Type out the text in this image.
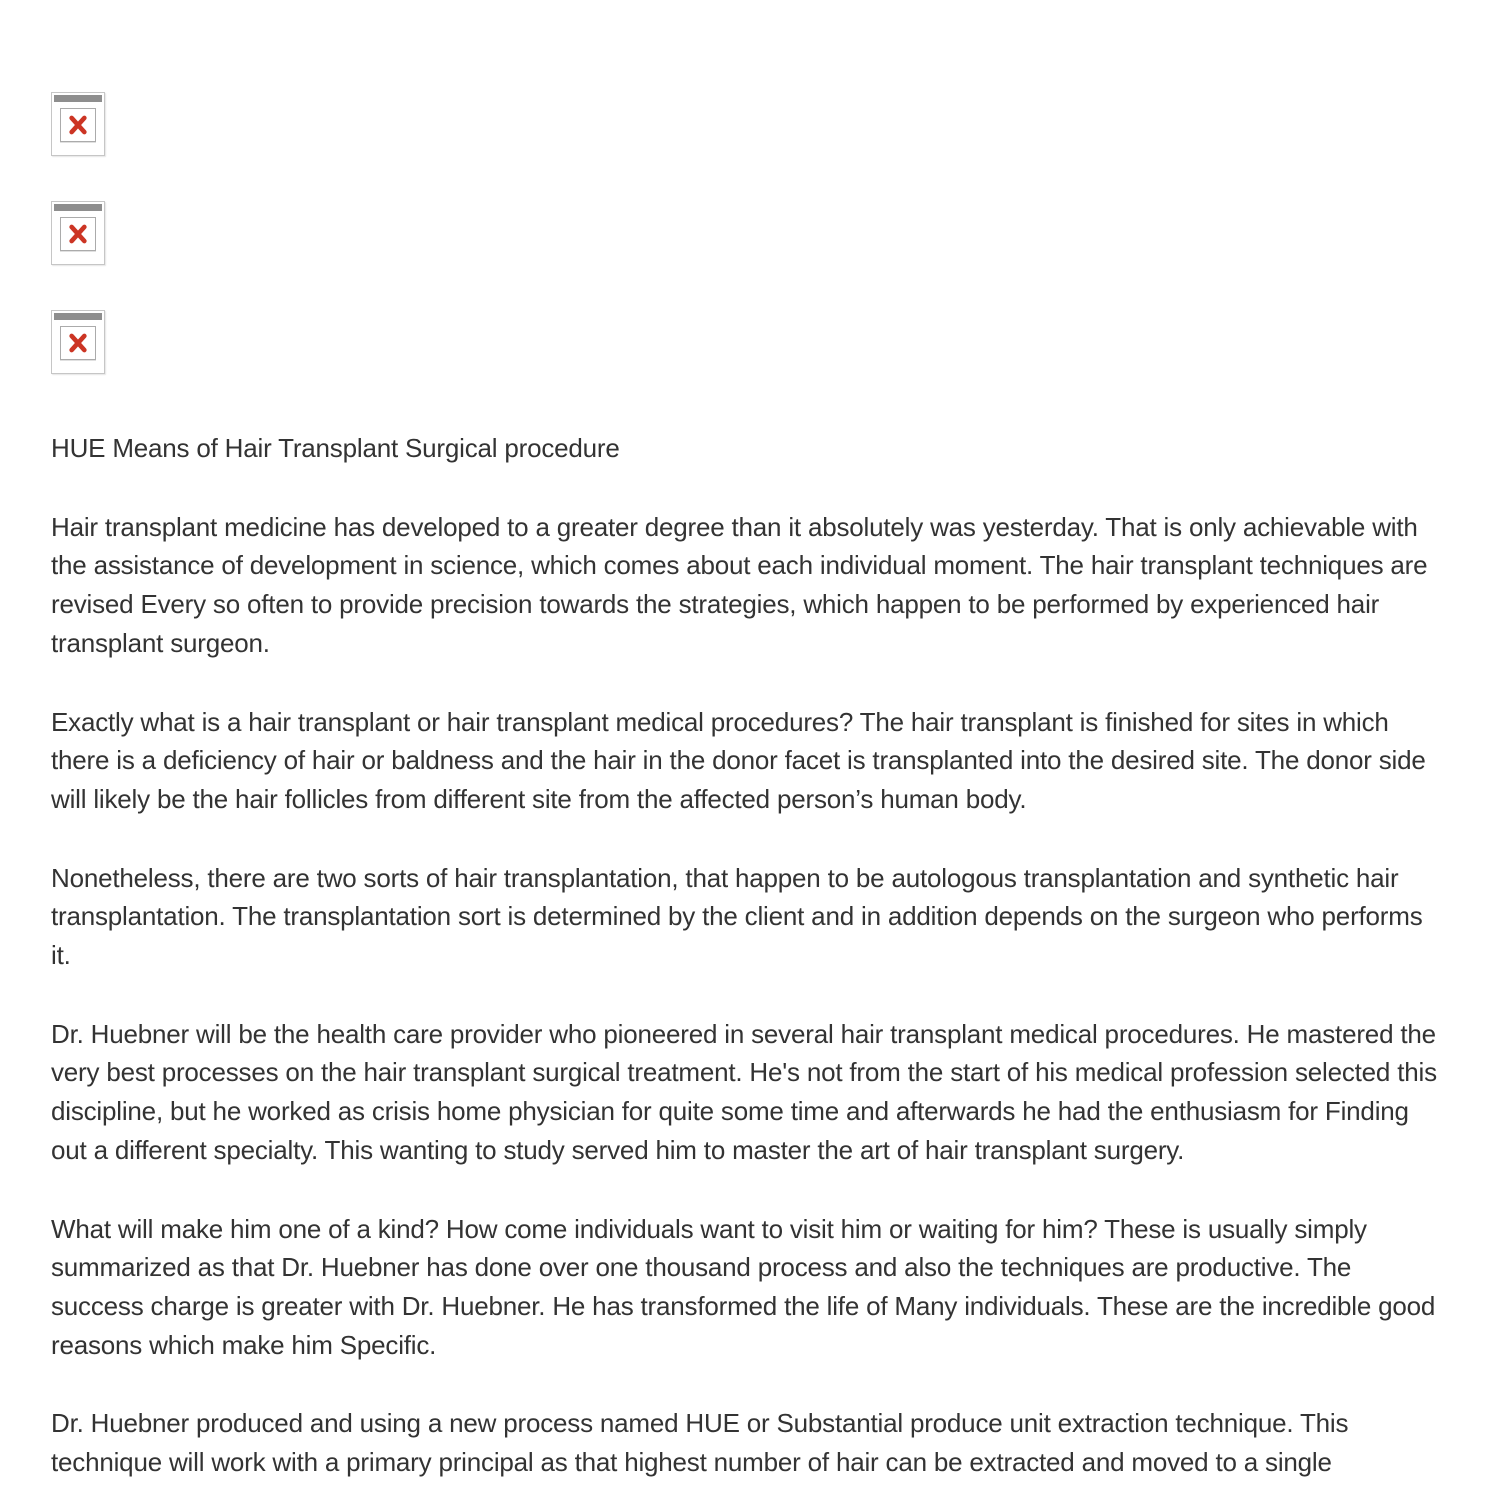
HUE Means of Hair Transplant Surgical procedure

Hair transplant medicine has developed to a greater degree than it absolutely was yesterday. That is only achievable with the assistance of development in science, which comes about each individual moment. The hair transplant techniques are revised Every so often to provide precision towards the strategies, which happen to be performed by experienced hair transplant surgeon.

Exactly what is a hair transplant or hair transplant medical procedures? The hair transplant is finished for sites in which there is a deficiency of hair or baldness and the hair in the donor facet is transplanted into the desired site. The donor side will likely be the hair follicles from different site from the affected person’s human body.

Nonetheless, there are two sorts of hair transplantation, that happen to be autologous transplantation and synthetic hair transplantation. The transplantation sort is determined by the client and in addition depends on the surgeon who performs it.

Dr. Huebner will be the health care provider who pioneered in several hair transplant medical procedures. He mastered the very best processes on the hair transplant surgical treatment. He's not from the start of his medical profession selected this discipline, but he worked as crisis home physician for quite some time and afterwards he had the enthusiasm for Finding out a different specialty. This wanting to study served him to master the art of hair transplant surgery.

What will make him one of a kind? How come individuals want to visit him or waiting for him? These is usually simply summarized as that Dr. Huebner has done over one thousand process and also the techniques are productive. The success charge is greater with Dr. Huebner. He has transformed the life of Many individuals. These are the incredible good reasons which make him Specific.

Dr. Huebner produced and using a new process named HUE or Substantial produce unit extraction technique. This technique will work with a primary principal as that highest number of hair can be extracted and moved to a single
